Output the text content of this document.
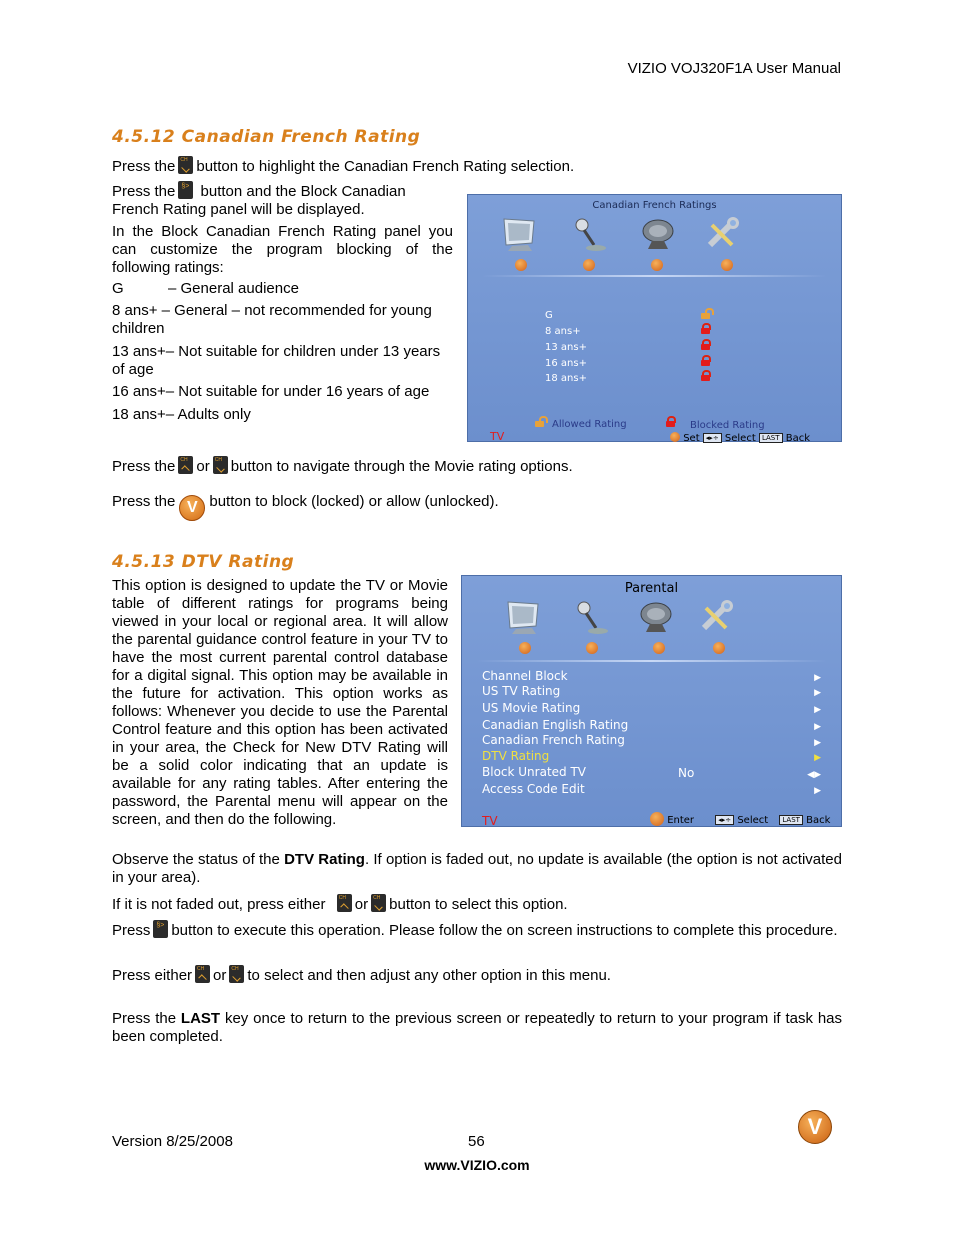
VIZIO VOJ320F1A User Manual
4.5.12 Canadian French Rating

Press the CH button to highlight the Canadian French Rating selection.

Press the§> button and the Block Canadian
French Rating panel will be displayed.
In the Block Canadian French Rating panel you can customize the program blocking of the following ratings:
G	– General audience
8 ans+ – General – not recommended for young
children
13 ans+– Not suitable for children under 13 years
of age
16 ans+– Not suitable for under 16 years of age
18 ans+– Adults only
Canadian French Ratings
G
8 ans+
13 ans+
16 ans+
18 ans+
Allowed Rating	Blocked Rating
TV	Set ◂▸÷ Select LAST Back

Press the CH or CH button to navigate through the Movie rating options.

Press the V button to block (locked) or allow (unlocked).

4.5.13 DTV Rating
This option is designed to update the TV or Movie table of different ratings for programs being viewed in your local or regional area. It will allow the parental guidance control feature in your TV to have the most current parental control database for a digital signal. This option may be available in the future for activation. This option works as follows: Whenever you decide to use the Parental Control feature and this option has been activated in your area, the Check for New DTV Rating will be a solid color indicating that an update is available for any rating tables. After entering the password, the Parental menu will appear on the screen, and then do the following.
Parental
Channel Block	▶
US TV Rating	▶
US Movie Rating	▶
Canadian English Rating	▶
Canadian French Rating	▶
DTV Rating	▶
Block Unrated TV	No	◀▶
Access Code Edit	▶
TV	Enter	◂▸÷ Select LAST Back
Observe the status of the DTV Rating. If option is faded out, no update is available (the option is not activated in your area).

If it is not faded out, press either CH or CH button to select this option.

Press §> button to execute this operation. Please follow the on screen instructions to complete this procedure.

Press either CH or CH to select and then adjust any other option in this menu.

Press the LAST key once to return to the previous screen or repeatedly to return to your program if task has been completed.
Version 8/25/2008	56
www.VIZIO.com
V
